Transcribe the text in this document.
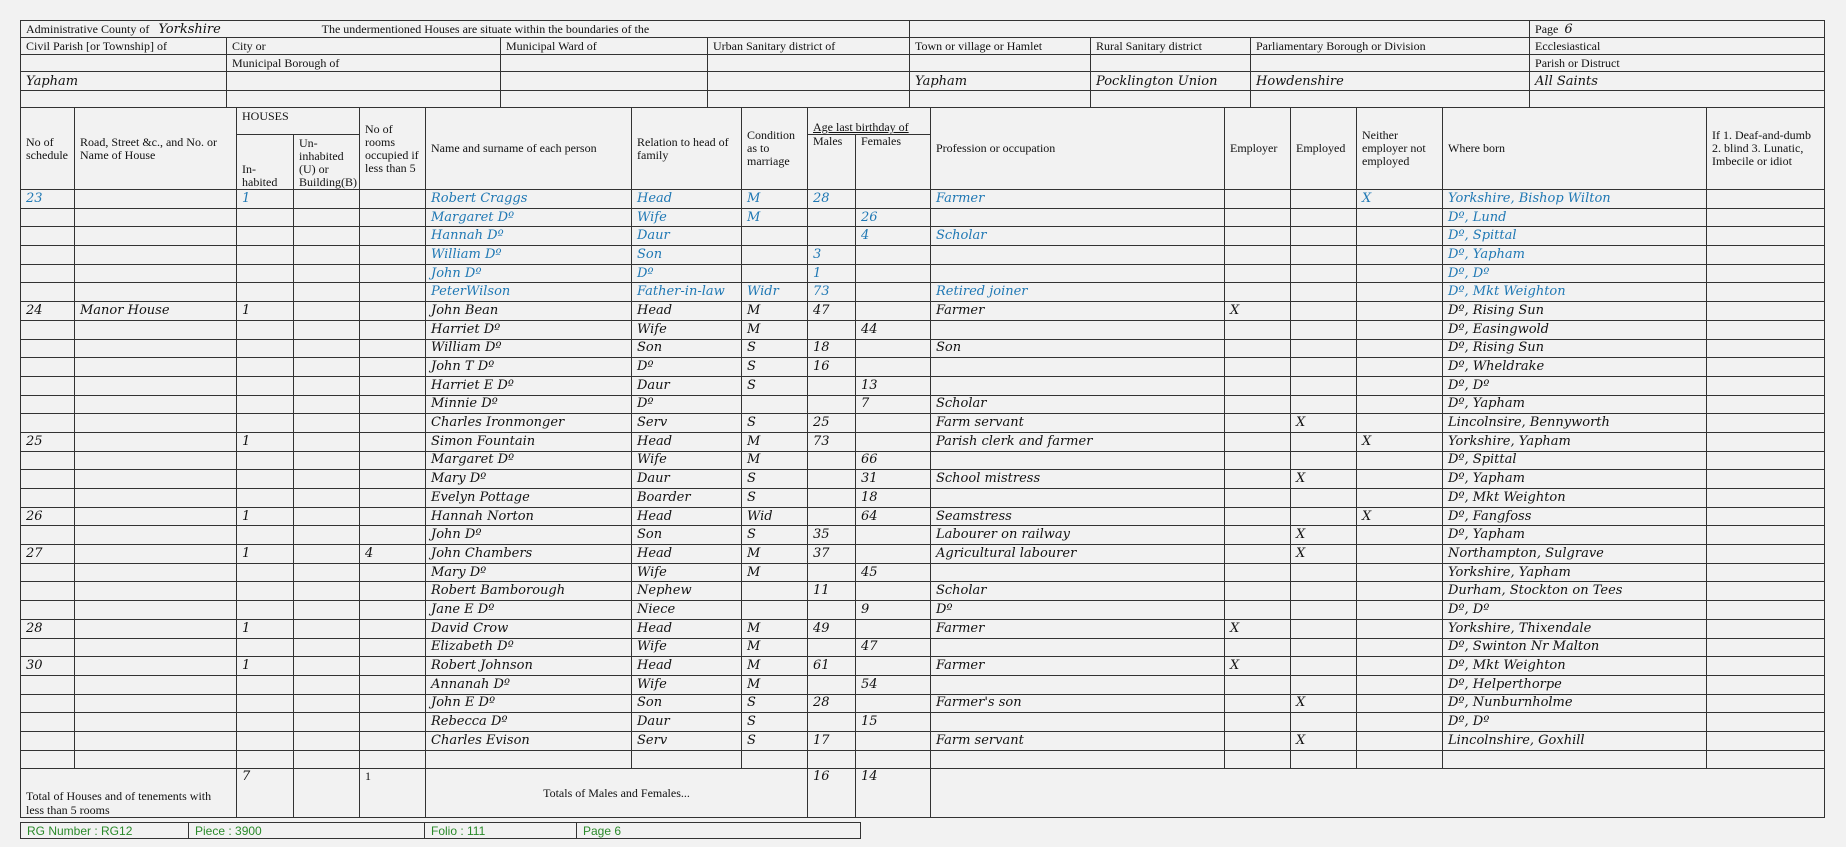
Administrative County of Yorkshire The undermentioned Houses are situate within the boundaries of the							Page 6
Civil Parish [or Township] of	City or	Municipal Ward of	Urban Sanitary district of	Town or village or Hamlet	Rural Sanitary district	Parliamentary Borough or Division	Ecclesiastical
	Municipal Borough of						Parish or Distruct
Yapham				Yapham	Pocklington Union	Howdenshire	All Saints

No of schedule	Road, Street &c., and No. or Name of House	HOUSES		No of rooms occupied if less than 5	Name and surname of each person	Relation to head of family	Condition as to marriage	Age last birthday of		Profession or occupation	Employer	Employed	Neither employer not employed	Where born	If 1. Deaf-and-dumb 2. blind 3. Lunatic, Imbecile or idiot
		In-habited	Un-inhabited (U) or Building(B)					Males	Females						
23		1			Robert Craggs	Head	M	28		Farmer			X	Yorkshire, Bishop Wilton	
					Margaret Dº	Wife	M		26					Dº, Lund	
					Hannah Dº	Daur			4	Scholar				Dº, Spittal	
					William Dº	Son		3						Dº, Yapham	
					John Dº	Dº		1						Dº, Dº	
					PeterWilson	Father-in-law	Widr	73		Retired joiner				Dº, Mkt Weighton	
24	Manor House	1			John Bean	Head	M	47		Farmer	X			Dº, Rising Sun	
					Harriet Dº	Wife	M		44					Dº, Easingwold	
					William Dº	Son	S	18		Son				Dº, Rising Sun	
					John T Dº	Dº	S	16						Dº, Wheldrake	
					Harriet E Dº	Daur	S		13					Dº, Dº	
					Minnie Dº	Dº			7	Scholar				Dº, Yapham	
					Charles Ironmonger	Serv	S	25		Farm servant		X		Lincolnsire, Bennyworth	
25		1			Simon Fountain	Head	M	73		Parish clerk and farmer			X	Yorkshire, Yapham	
					Margaret Dº	Wife	M		66					Dº, Spittal	
					Mary Dº	Daur	S		31	School mistress		X		Dº, Yapham	
					Evelyn Pottage	Boarder	S		18					Dº, Mkt Weighton	
26		1			Hannah Norton	Head	Wid		64	Seamstress			X	Dº, Fangfoss	
					John Dº	Son	S	35		Labourer on railway		X		Dº, Yapham	
27		1		4	John Chambers	Head	M	37		Agricultural labourer		X		Northampton, Sulgrave	
					Mary Dº	Wife	M		45					Yorkshire, Yapham	
					Robert Bamborough	Nephew		11		Scholar				Durham, Stockton on Tees	
					Jane E Dº	Niece			9	Dº				Dº, Dº	
28		1			David Crow	Head	M	49		Farmer	X			Yorkshire, Thixendale	
					Elizabeth Dº	Wife	M		47					Dº, Swinton Nr Malton	
30		1			Robert Johnson	Head	M	61		Farmer	X			Dº, Mkt Weighton	
					Annanah Dº	Wife	M		54					Dº, Helperthorpe	
					John E Dº	Son	S	28		Farmer's son		X		Dº, Nunburnholme	
					Rebecca Dº	Daur	S		15					Dº, Dº	
					Charles Evison	Serv	S	17		Farm servant		X		Lincolnshire, Goxhill	

Total of Houses and of tenements with less than 5 rooms		7		1	Totals of Males and Females...			16	14						
RG Number : RG12	Piece : 3900	Folio : 111	Page 6
